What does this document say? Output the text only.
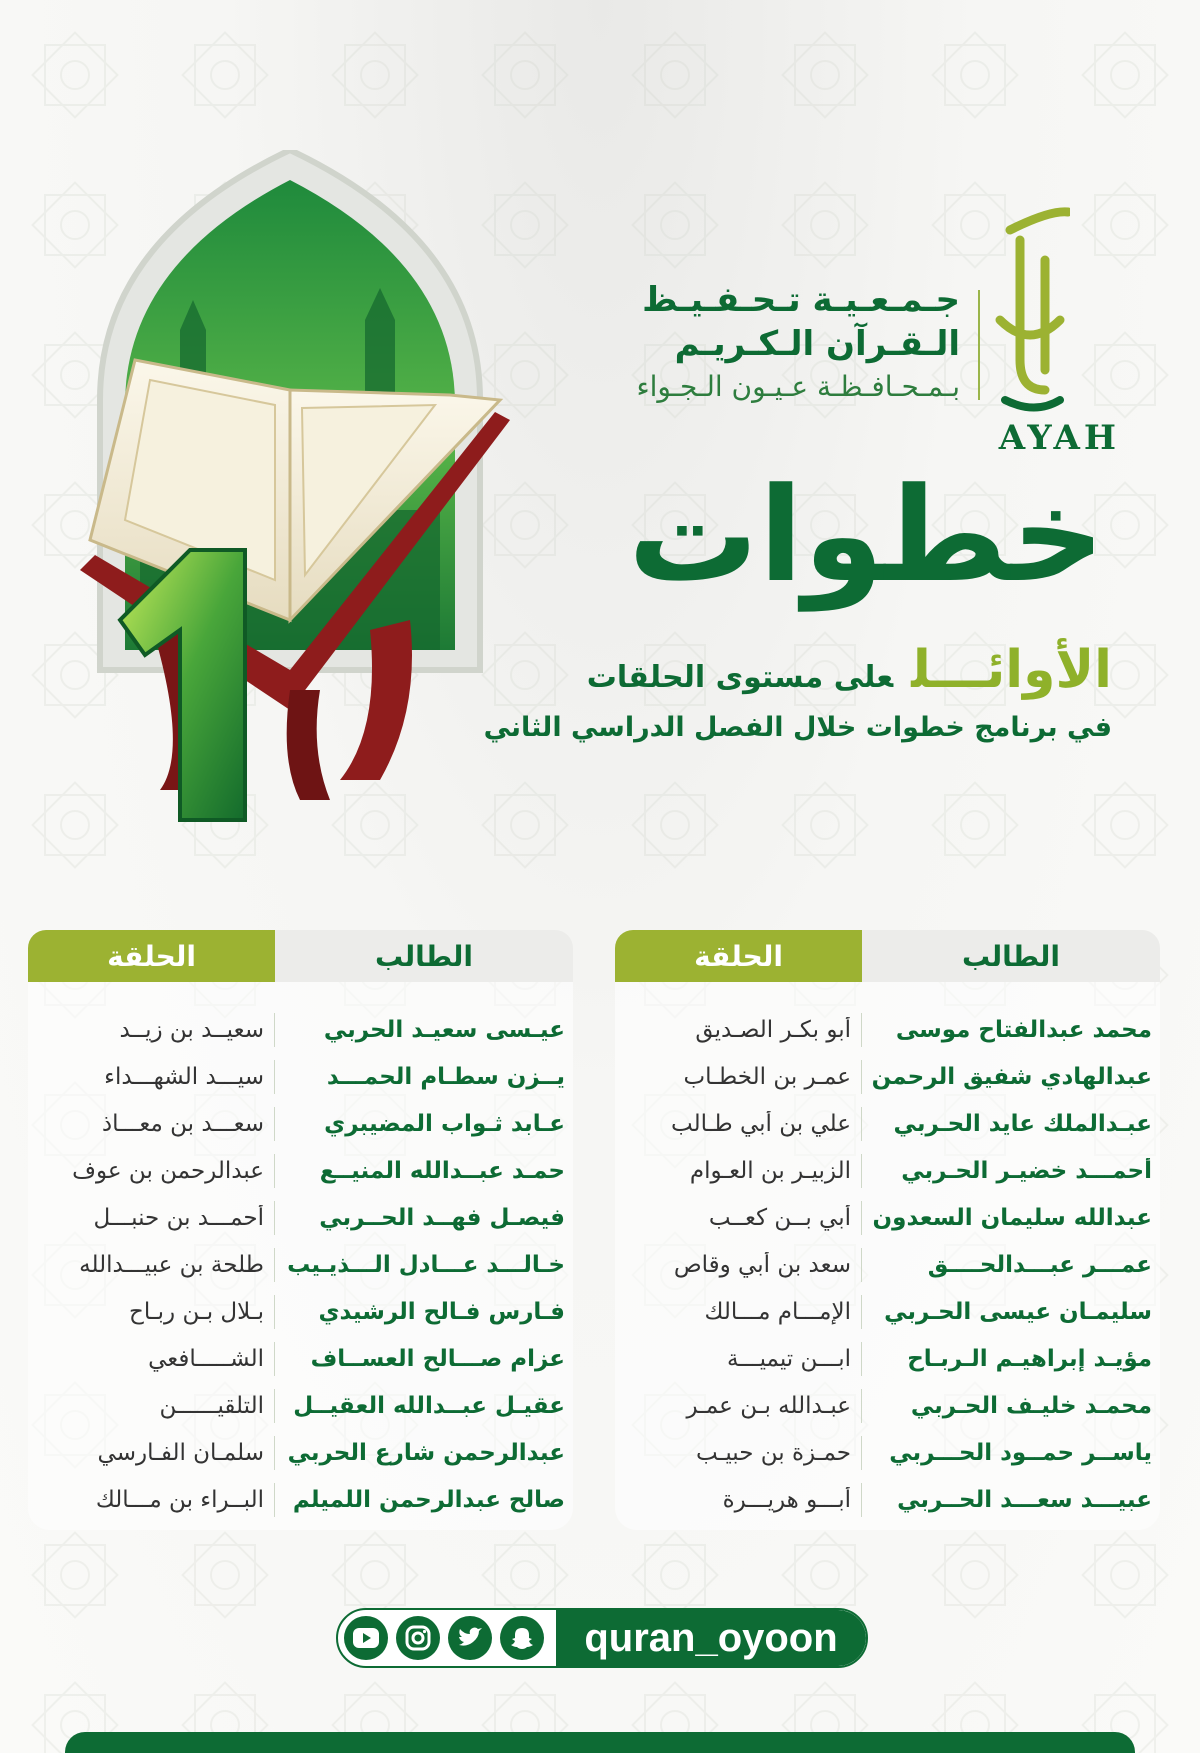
جـمـعـيـة تـحـفـيـظ

الـقـرآن الـكـريـم

بـمـحـافـظـة عـيـون الـجـواء

AYAH
خطوات

الأوائـــلعلى مستوى الحلقات

في برنامج خطوات خلال الفصل الدراسي الثاني

الطالب
الحلقة
محمد عبدالفتاح موسى
أبو بكـر الصـديق
عبدالهادي شفيق الرحمن
عمـر بن الخطـاب
عبـدالملك عايد الحـربي
علي بن أبي طـالب
أحمـــد خضيـر الحـربي
الزبيـر بن العـوام
عبدالله سليمان السعدون
أبي بــن كعــب
عمـــر عبـــدالحــــق
سعد بن أبي وقاص
سليمـان عيسى الحـربي
الإمـــام مـــالك
مؤيـد إبراهيـم الـربـاح
ابـــن تيميـــة
محمـد خليـف الحـربي
عبـدالله بـن عمـر
ياســر حمــود الحـــربي
حمـزة بن حبيـب
عبيـــد سعـــد الحــربي
أبـــو هريـــرة
الطالب
الحلقة
عيـسى سعيـد الحربي
سعيــد بن زيــد
يــزن سطـام الحمـــد
سيـــد الشهـــداء
عـابد ثـواب المضيبري
سعـــد بن معـــاذ
حمـد عبــدالله المنيــع
عبدالرحمن بن عوف
فيصـل فهــد الحــربي
أحمـــد بن حنبـــل
خـالـــد عـــادل الـــذيـيب
طلحة بن عبيـــدالله
فـارس فـالح الرشيدي
بـلال بـن ربـاح
عزام صـــالح العســاف
الشـــــافعي
عقيـل عبــدالله العقيــل
التلقيــــــن
عبدالرحمن شارع الحربي
سلمـان الفـارسي
صالح عبدالرحمن اللميلم
البــراء بن مـــالك
quran_oyoon
